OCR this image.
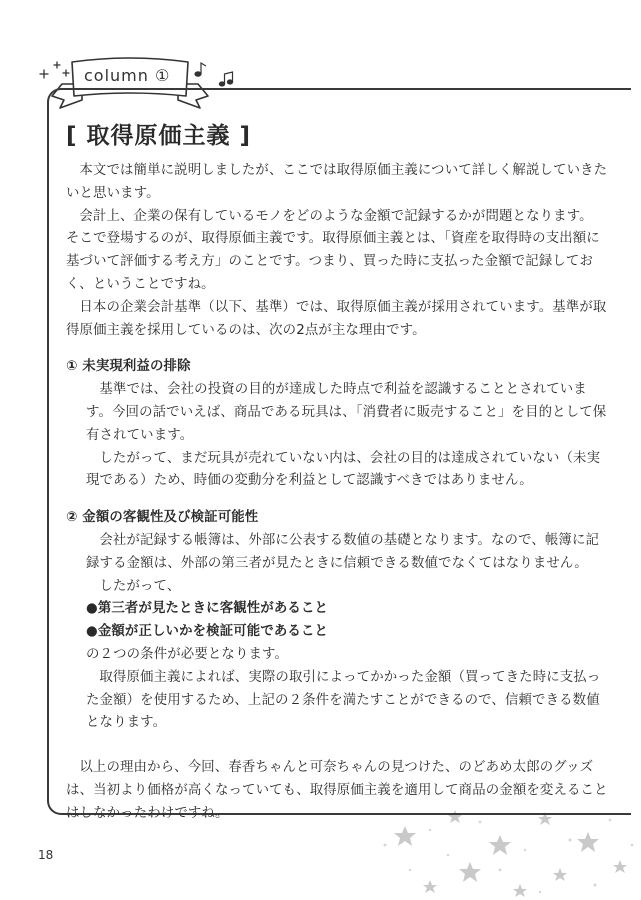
column ①
[ 取得原価主義 ]

本文では簡単に説明しましたが、ここでは取得原価主義について詳しく解説していきたいと思います。

会計上、企業の保有しているモノをどのような金額で記録するかが問題となります。

そこで登場するのが、取得原価主義です。取得原価主義とは、「資産を取得時の支出額に基づいて評価する考え方」のことです。つまり、買った時に支払った金額で記録しておく、ということですね。

日本の企業会計基準（以下、基準）では、取得原価主義が採用されています。基準が取得原価主義を採用しているのは、次の2点が主な理由です。

① 未実現利益の排除

基準では、会社の投資の目的が達成した時点で利益を認識することとされています。今回の話でいえば、商品である玩具は、「消費者に販売すること」を目的として保有されています。

したがって、まだ玩具が売れていない内は、会社の目的は達成されていない（未実現である）ため、時価の変動分を利益として認識すべきではありません。

② 金額の客観性及び検証可能性

会社が記録する帳簿は、外部に公表する数値の基礎となります。なので、帳簿に記録する金額は、外部の第三者が見たときに信頼できる数値でなくてはなりません。

したがって、

●第三者が見たときに客観性があること

●金額が正しいかを検証可能であること

の２つの条件が必要となります。

取得原価主義によれば、実際の取引によってかかった金額（買ってきた時に支払った金額）を使用するため、上記の２条件を満たすことができるので、信頼できる数値となります。

以上の理由から、今回、春香ちゃんと可奈ちゃんの見つけた、のどあめ太郎のグッズは、当初より価格が高くなっていても、取得原価主義を適用して商品の金額を変えることはしなかったわけですね。

18
